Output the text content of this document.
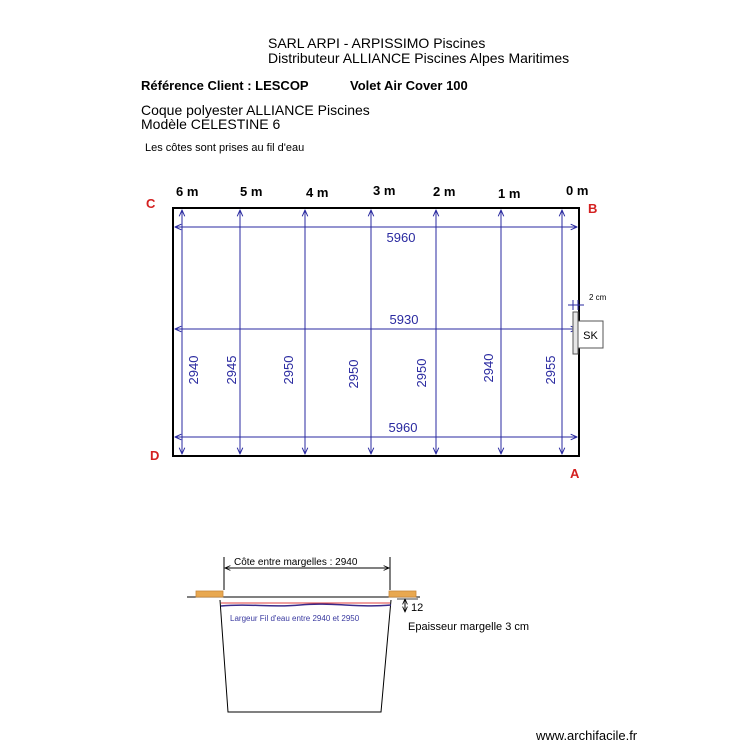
SARL ARPI - ARPISSIMO Piscines
Distributeur ALLIANCE Piscines Alpes Maritimes
Référence Client : LESCOP	Volet Air Cover 100
Coque polyester ALLIANCE Piscines
Modèle CELESTINE 6
Les côtes sont prises au fil d'eau
6 m	5 m	4 m	3 m	2 m	1 m	0 m
C	B
D
A
5960
5930
5960
2940 2945	2950	2950	2950	2940	2955
SK
2 cm
Côte entre margelles : 2940
Largeur Fil d'eau entre 2940 et 2950
12
Epaisseur margelle 3 cm
www.archifacile.fr
